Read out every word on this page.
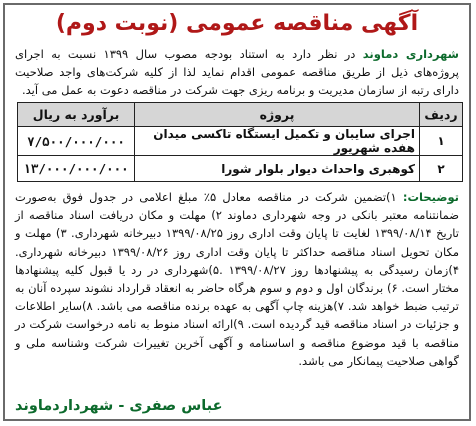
آگهی مناقصه عمومی (نوبت دوم)
شهرداری دماوند در نظر دارد به استناد بودجه مصوب سال ۱۳۹۹ نسبت به اجرای پروژه‌های ذیل از طریق مناقصه عمومی اقدام نماید لذا از کلیه شرکت‌های واجد صلاحیت دارای رتبه از سازمان مدیریت و برنامه ریزی جهت شرکت در مناقصه دعوت به عمل می آید.
ردیف	پروژه	برآورد به ریال
۱	اجرای سایبان و تکمیل ایستگاه تاکسی میدان هفده شهریور	۷/۵۰۰/۰۰۰/۰۰۰
۲	کوهبری واحداث دیوار بلوار شورا	۱۳/۰۰۰/۰۰۰/۰۰۰
توضیحات: ۱)تضمین شرکت در مناقصه معادل ۵٪ مبلغ اعلامی در جدول فوق به‌صورت ضمانتنامه معتبر بانکی در وجه شهرداری دماوند ۲) مهلت و مکان دریافت اسناد مناقصه از تاریخ ۱۳۹۹/۰۸/۱۴ لغایت تا پایان وقت اداری روز ۱۳۹۹/۰۸/۲۵ دبیرخانه شهرداری. ۳) مهلت و مکان تحویل اسناد مناقصه حداکثر تا پایان وقت اداری روز ۱۳۹۹/۰۸/۲۶ دبیرخانه شهرداری. ۴)زمان رسیدگی به پیشنهادها روز ۱۳۹۹/۰۸/۲۷ .۵)شهرداری در رد یا قبول کلیه پیشنهادها مختار است. ۶) برندگان اول و دوم و سوم هرگاه حاضر به انعقاد قرارداد نشوند سپرده آنان به ترتیب ضبط خواهد شد. ۷)هزینه چاپ آگهی به عهده برنده مناقصه می باشد. ۸)سایر اطلاعات و جزئیات در اسناد مناقصه قید گردیده است. ۹)ارائه اسناد منوط به نامه درخواست شرکت در مناقصه با قید موضوع مناقصه و اساسنامه و آگهی آخرین تغییرات شرکت وشناسه ملی و گواهی صلاحیت پیمانکار می باشد.
عباس صفری - شهرداردماوند
